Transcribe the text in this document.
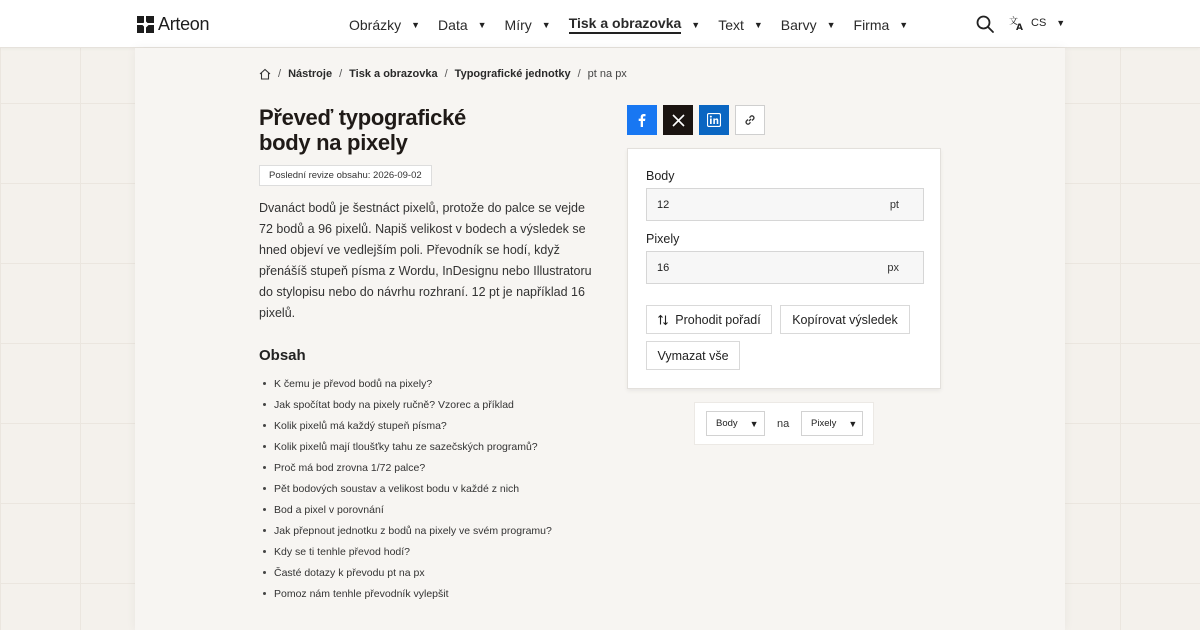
Arteon	Obrázky ▼ Data ▼ Míry ▼ Tisk a obrazovka ▼ Text ▼ Barvy ▼ Firma ▼	文
A CS ▼
/ Nástroje / Tisk a obrazovka / Typografické jednotky / pt na px
Převeď typografické
body na pixely
Poslední revize obsahu: 2026-09-02

Dvanáct bodů je šestnáct pixelů, protože do palce se vejde 72 bodů a 96 pixelů. Napiš velikost v bodech a výsledek se hned objeví ve vedlejším poli. Převodník se hodí, když přenášíš stupeň písma z Wordu, InDesignu nebo Illustratoru do stylopisu nebo do návrhu rozhraní. 12 pt je například 16 pixelů.

Obsah
K čemu je převod bodů na pixely?
Jak spočítat body na pixely ručně? Vzorec a příklad
Kolik pixelů má každý stupeň písma?
Kolik pixelů mají tloušťky tahu ze sazečských programů?
Proč má bod zrovna 1/72 palce?
Pět bodových soustav a velikost bodu v každé z nich
Bod a pixel v porovnání
Jak přepnout jednotku z bodů na pixely ve svém programu?
Kdy se ti tenhle převod hodí?
Časté dotazy k převodu pt na px
Pomoz nám tenhle převodník vylepšit
Body
12
pt
Pixely
16
px
Prohodit pořadí	Kopírovat výsledek
Vymazat vše
Body ▼ na Pixely ▼
